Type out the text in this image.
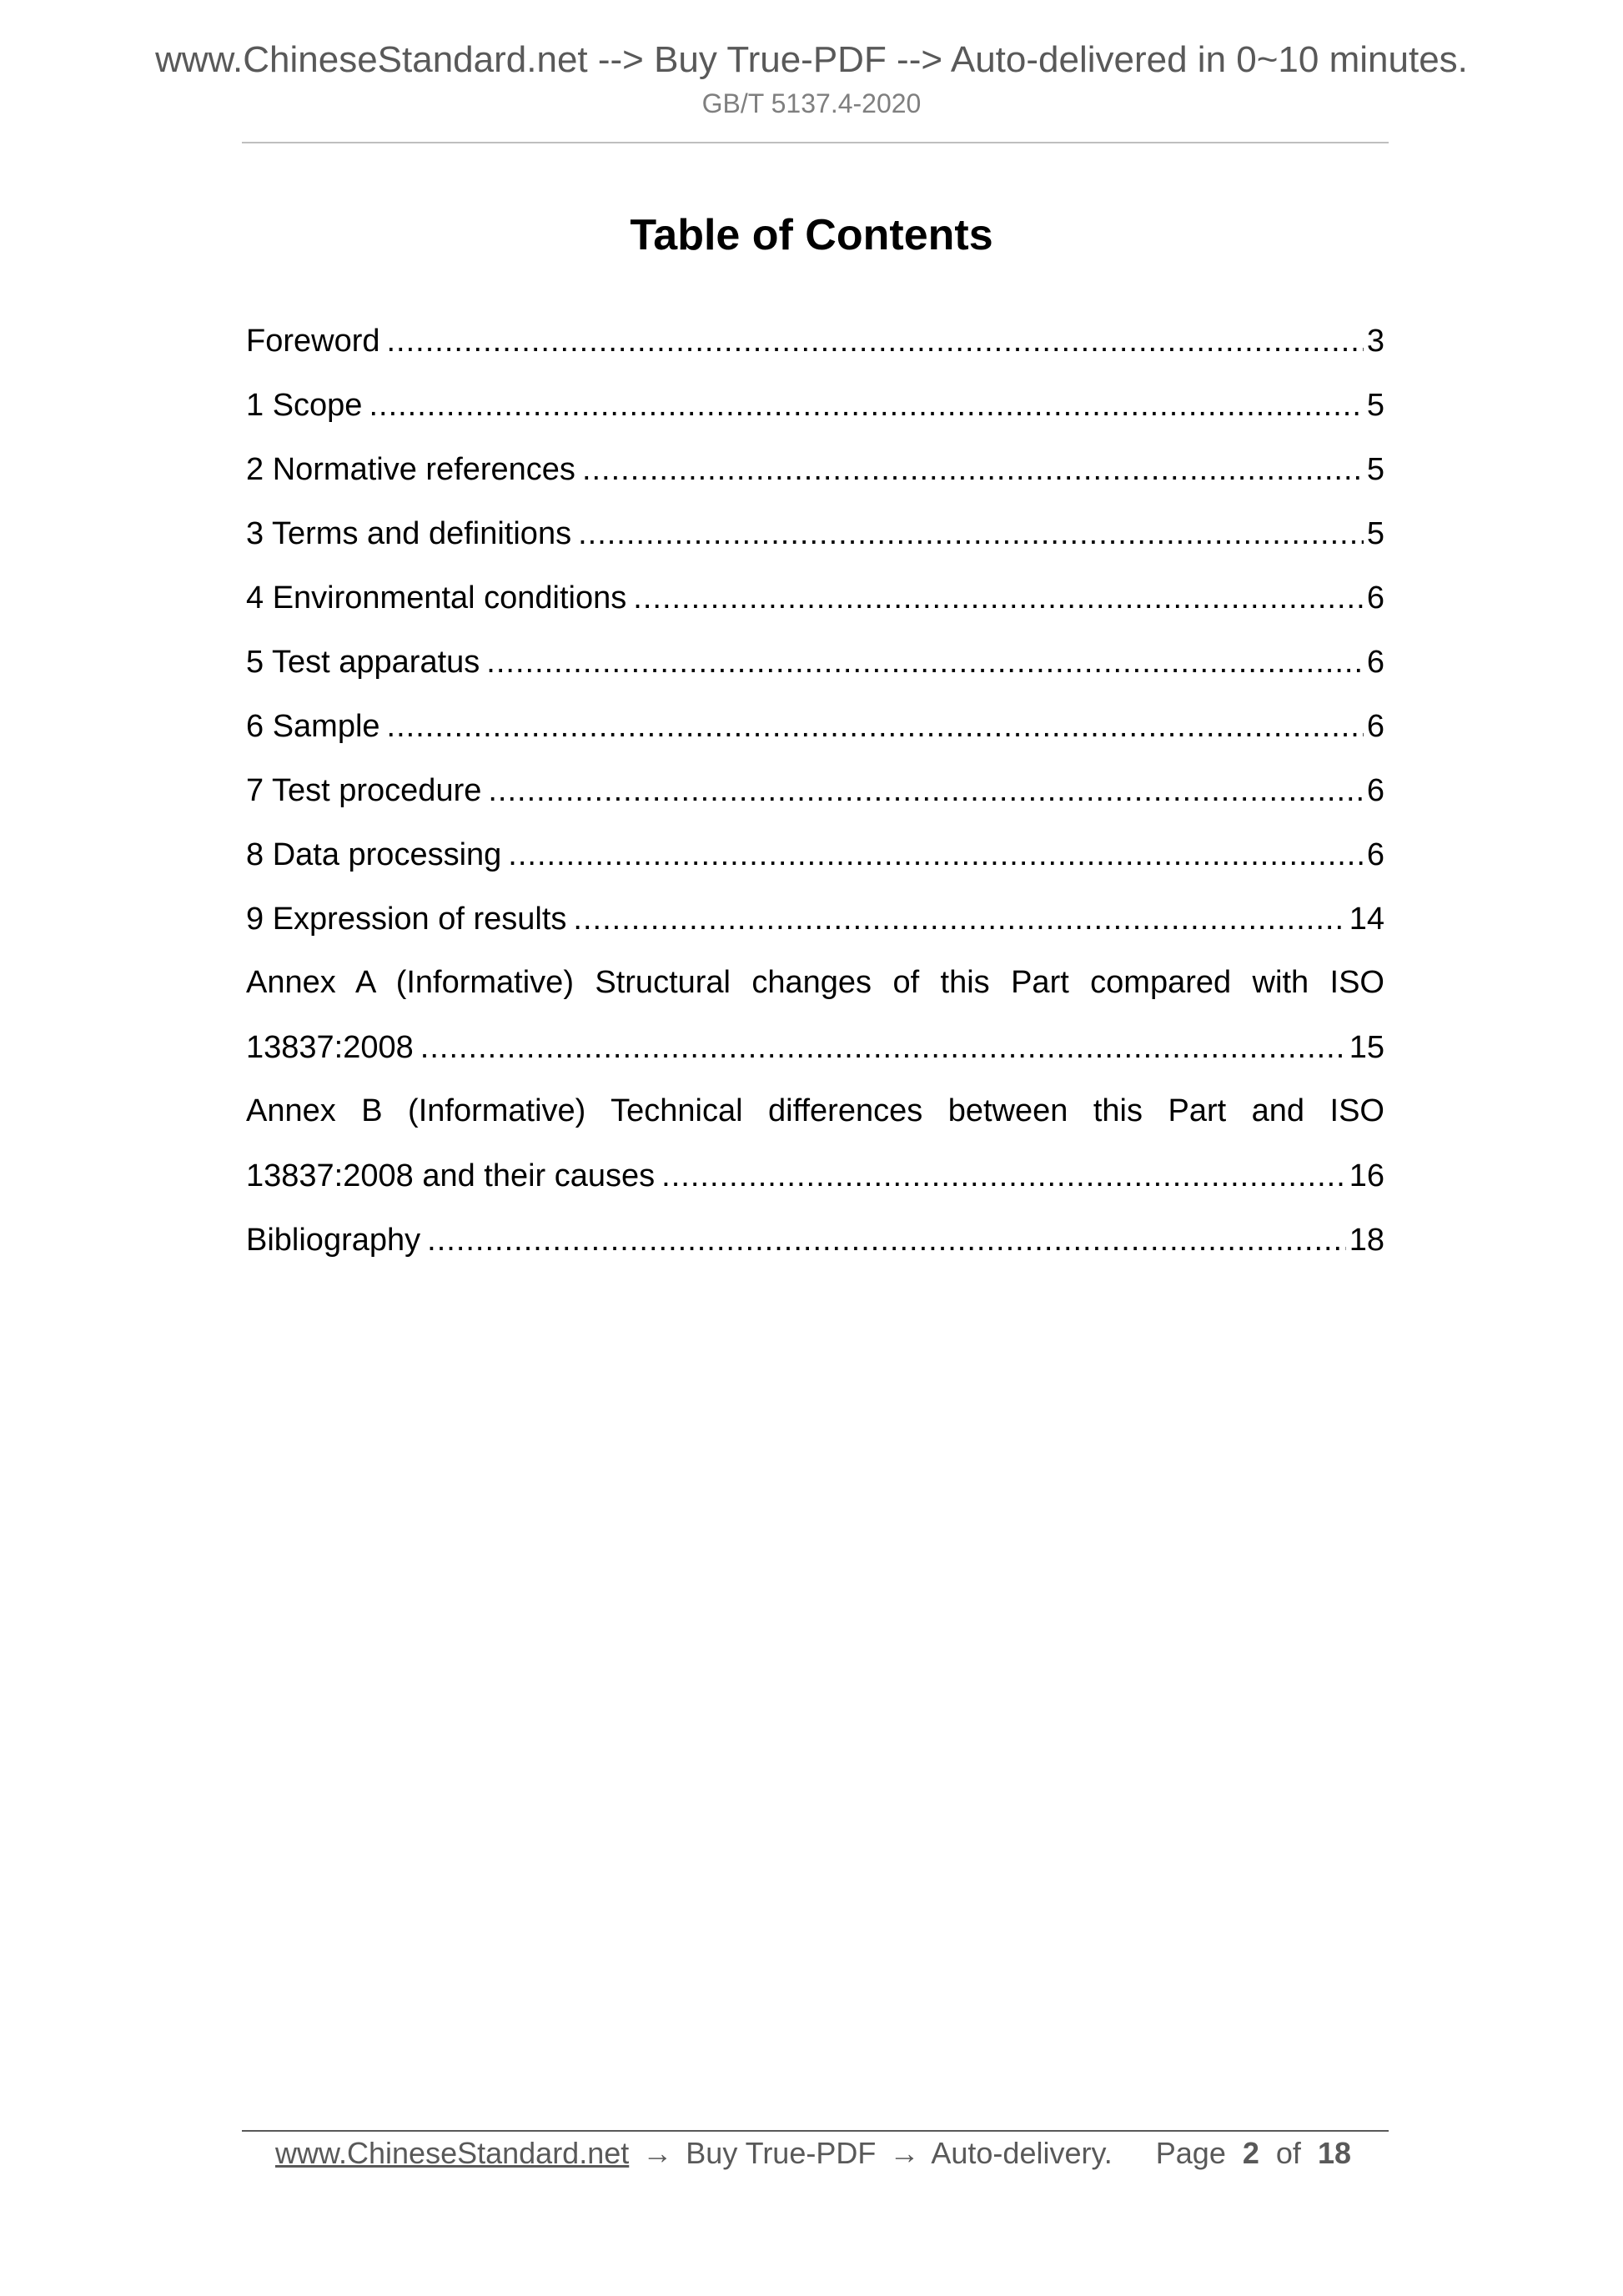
www.ChineseStandard.net --> Buy True-PDF --> Auto-delivered in 0~10 minutes.
GB/T 5137.4-2020
Table of Contents
Foreword .....	3
1 Scope .....	5
2 Normative references .....	5
3 Terms and definitions .....	5
4 Environmental conditions .....	6
5 Test apparatus .....	6
6 Sample .....	6
7 Test procedure .....	6
8 Data processing .....	6
9 Expression of results .....	14
Annex A (Informative) Structural changes of this Part compared with ISO
13837:2008 .....	15
Annex B (Informative) Technical differences between this Part and ISO
13837:2008 and their causes .....	16
Bibliography .....	18
www.ChineseStandard.net → Buy True-PDF → Auto-delivery. Page 2 of 18
